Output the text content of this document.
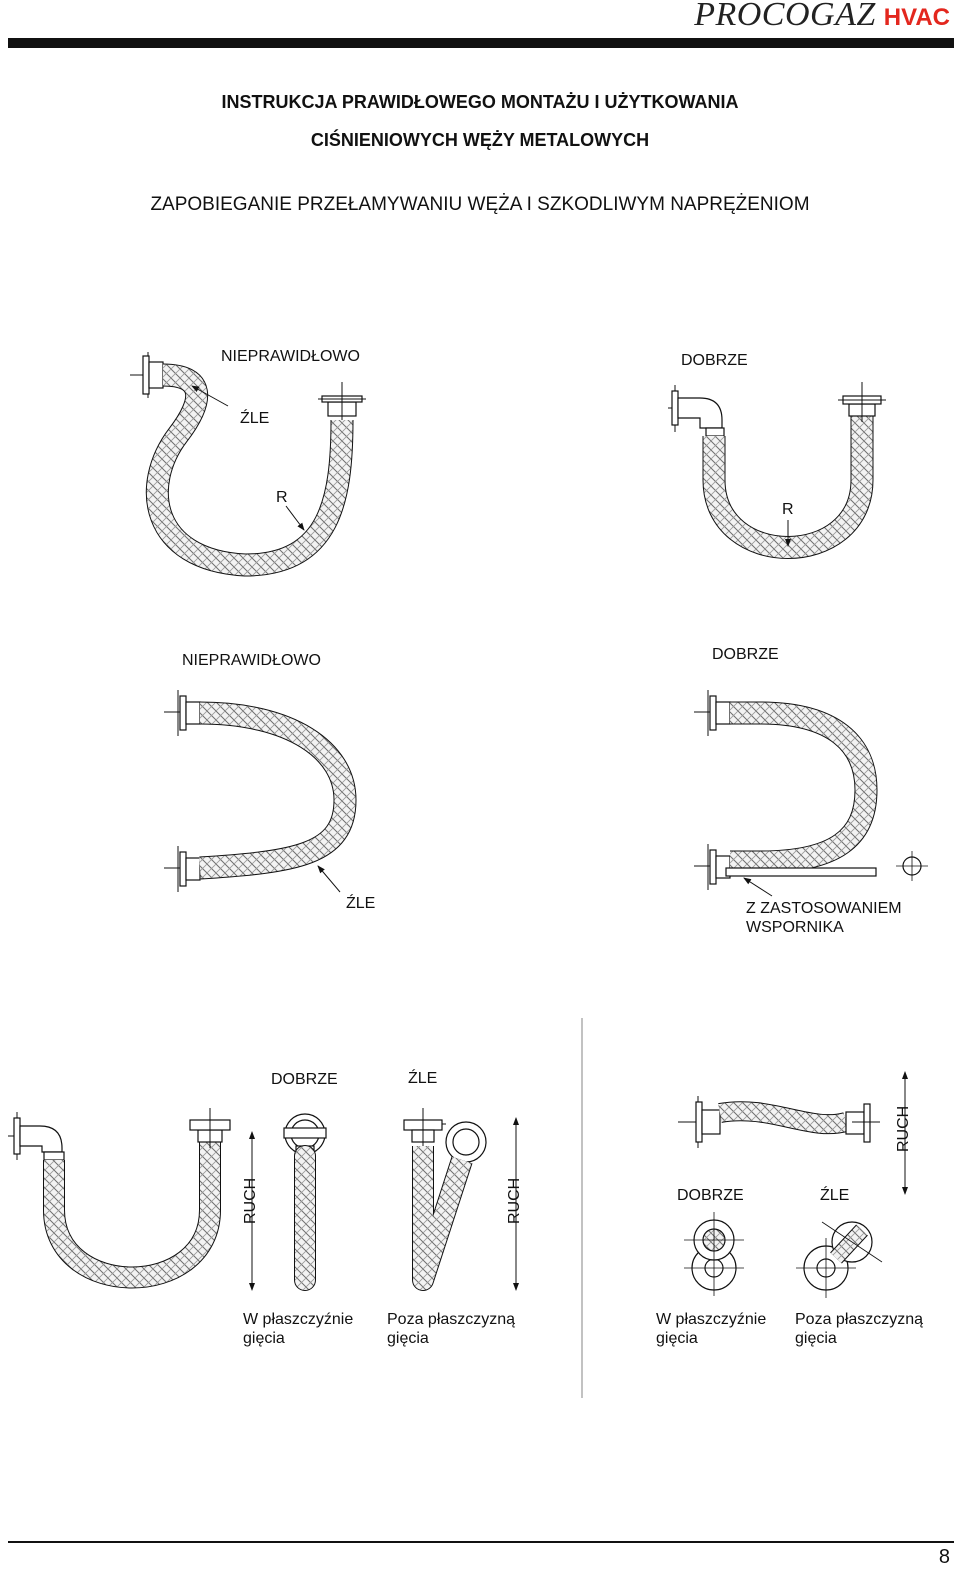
PROCOGAZ HVAC
INSTRUKCJA PRAWIDŁOWEGO MONTAŻU I UŻYTKOWANIA
CIŚNIENIOWYCH WĘŻY METALOWYCH
ZAPOBIEGANIE PRZEŁAMYWANIU WĘŻA I SZKODLIWYM NAPRĘŻENIOM
NIEPRAWIDŁOWO	DOBRZE
ŹLE
R
R
NIEPRAWIDŁOWO	DOBRZE
ŹLE	Z ZASTOSOWANIEM
WSPORNIKA
DOBRZE	ŹLE
RUCH	RUCH
RUCH
DOBRZE	ŹLE
W płaszczyźnie
gięcia
Poza płaszczyzną
gięcia
W płaszczyźnie
gięcia
Poza płaszczyzną
gięcia
8
